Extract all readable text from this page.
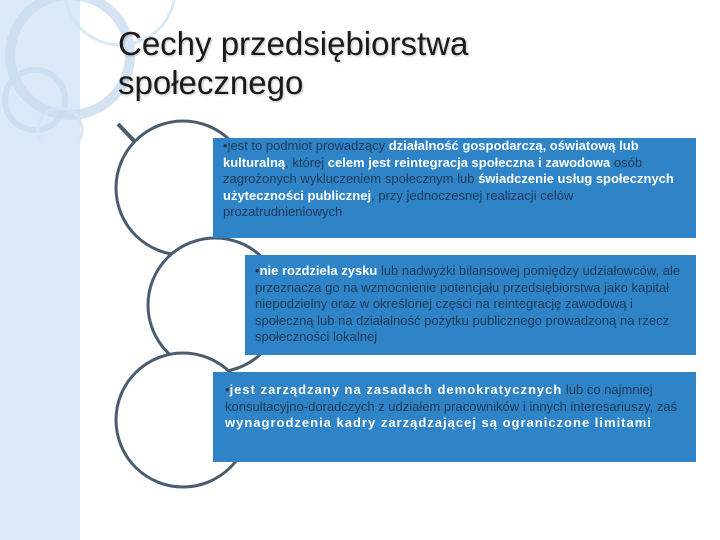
Cechy przedsiębiorstwa
społecznego
•jest to podmiot prowadzący działalność gospodarczą, oświatową lub kulturalną, której celem jest reintegracja społeczna i zawodowa osób zagrożonych wykluczeniem społecznym lub świadczenie usług społecznych użyteczności publicznej, przy jednoczesnej realizacji celów prozatrudnieniowych
•nie rozdziela zysku lub nadwyżki bilansowej pomiędzy udziałowców, ale przeznacza go na wzmocnienie potencjału przedsiębiorstwa jako kapitał niepodzielny oraz w określonej części na reintegrację zawodową i społeczną lub na działalność pożytku publicznego prowadzoną na rzecz społeczności lokalnej
•jest zarządzany na zasadach demokratycznych lub co najmniej konsultacyjno-doradczych z udziałem pracowników i innych interesariuszy, zaś wynagrodzenia kadry zarządzającej są ograniczone limitami
